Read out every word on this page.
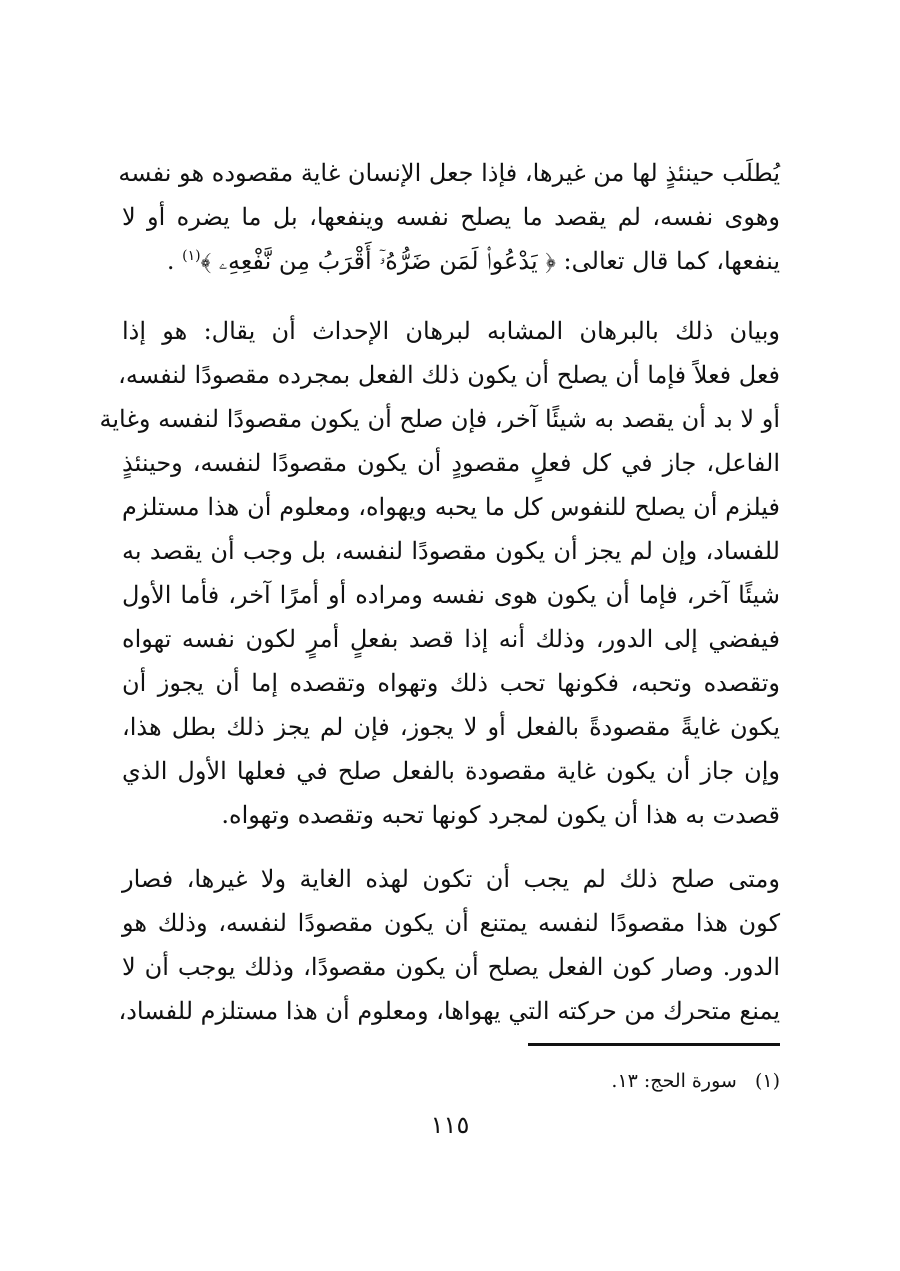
يُطلَب حينئذٍ لها من غيرها، فإذا جعل الإنسان غاية مقصوده هو نفسه
وهوى نفسه، لم يقصد ما يصلح نفسه وينفعها، بل ما يضره أو لا
ينفعها، كما قال تعالى: ﴿ يَدْعُوا۟ لَمَن ضَرُّهُۥٓ أَقْرَبُ مِن نَّفْعِهِۦ ﴾$^{(١)}$ .
وبيان ذلك بالبرهان المشابه لبرهان الإحداث أن يقال: هو إذا
فعل فعلاً فإما أن يصلح أن يكون ذلك الفعل بمجرده مقصودًا لنفسه،
أو لا بد أن يقصد به شيئًا آخر، فإن صلح أن يكون مقصودًا لنفسه وغاية
الفاعل، جاز في كل فعلٍ مقصودٍ أن يكون مقصودًا لنفسه، وحينئذٍ
فيلزم أن يصلح للنفوس كل ما يحبه ويهواه، ومعلوم أن هذا مستلزم
للفساد، وإن لم يجز أن يكون مقصودًا لنفسه، بل وجب أن يقصد به
شيئًا آخر، فإما أن يكون هوى نفسه ومراده أو أمرًا آخر، فأما الأول
فيفضي إلى الدور، وذلك أنه إذا قصد بفعلٍ أمرٍ لكون نفسه تهواه
وتقصده وتحبه، فكونها تحب ذلك وتهواه وتقصده إما أن يجوز أن
يكون غايةً مقصودةً بالفعل أو لا يجوز، فإن لم يجز ذلك بطل هذا،
وإن جاز أن يكون غاية مقصودة بالفعل صلح في فعلها الأول الذي
قصدت به هذا أن يكون لمجرد كونها تحبه وتقصده وتهواه.
ومتى صلح ذلك لم يجب أن تكون لهذه الغاية ولا غيرها، فصار
كون هذا مقصودًا لنفسه يمتنع أن يكون مقصودًا لنفسه، وذلك هو
الدور. وصار كون الفعل يصلح أن يكون مقصودًا، وذلك يوجب أن لا
يمنع متحرك من حركته التي يهواها، ومعلوم أن هذا مستلزم للفساد،
(١)   سورة الحج: ١٣.
١١٥
